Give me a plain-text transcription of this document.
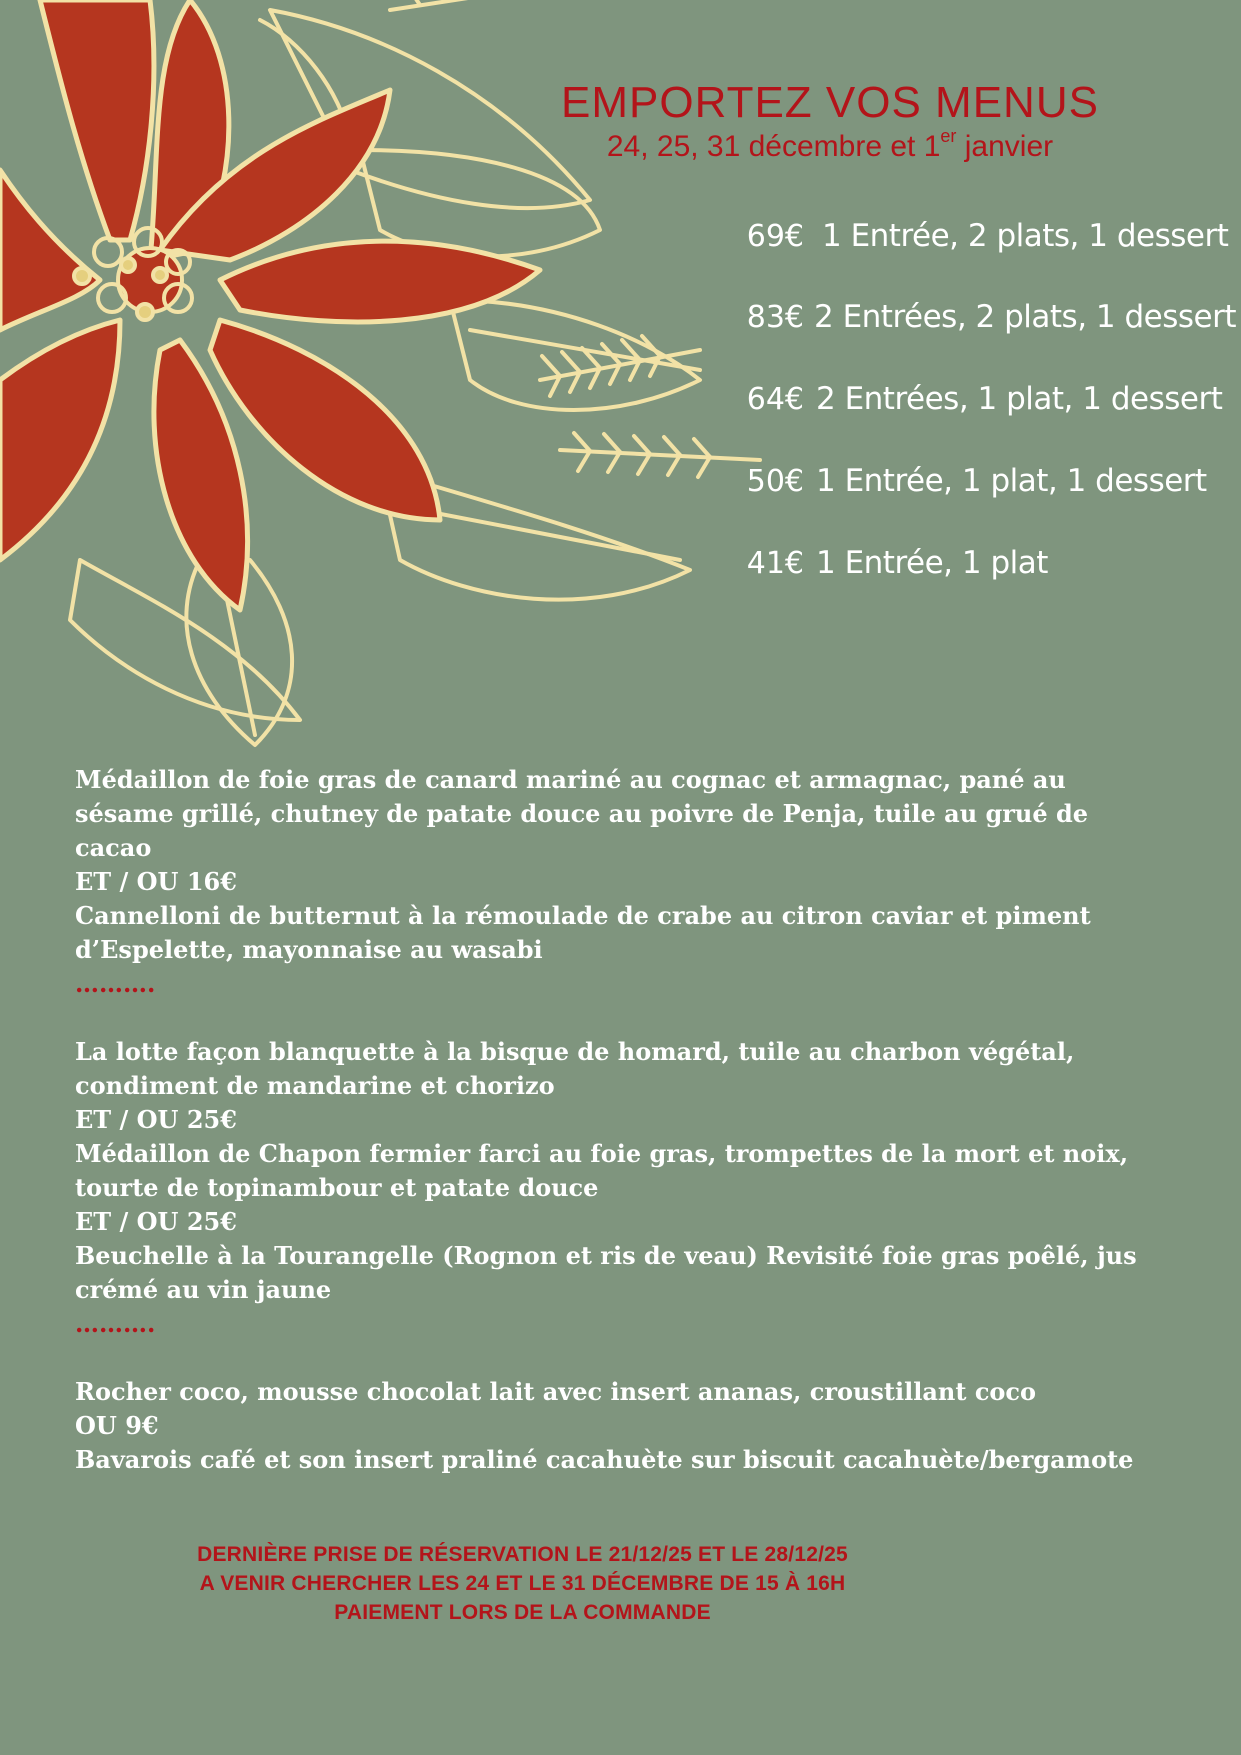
EMPORTEZ VOS MENUS

24, 25, 31 décembre et 1er janvier

69€ 1 Entrée, 2 plats, 1 dessert
83€ 2 Entrées, 2 plats, 1 dessert
64€ 2 Entrées, 1 plat, 1 dessert
50€ 1 Entrée, 1 plat, 1 dessert
41€ 1 Entrée, 1 plat
Médaillon de foie gras de canard mariné au cognac et armagnac, pané au
sésame grillé, chutney de patate douce au poivre de Penja, tuile au grué de
cacao
ET / OU 16€
Cannelloni de butternut à la rémoulade de crabe au citron caviar et piment
d’Espelette, mayonnaise au wasabi
……….
La lotte façon blanquette à la bisque de homard, tuile au charbon végétal,
condiment de mandarine et chorizo
ET / OU 25€
Médaillon de Chapon fermier farci au foie gras, trompettes de la mort et noix,
tourte de topinambour et patate douce
ET / OU 25€
Beuchelle à la Tourangelle (Rognon et ris de veau) Revisité foie gras poêlé, jus
crémé au vin jaune
……….
Rocher coco, mousse chocolat lait avec insert ananas, croustillant coco
OU 9€
Bavarois café et son insert praliné cacahuète sur biscuit cacahuète/bergamote
DERNIÈRE PRISE DE RÉSERVATION LE 21/12/25 ET LE 28/12/25
A VENIR CHERCHER LES 24 ET LE 31 DÉCEMBRE DE 15 À 16H
PAIEMENT LORS DE LA COMMANDE
